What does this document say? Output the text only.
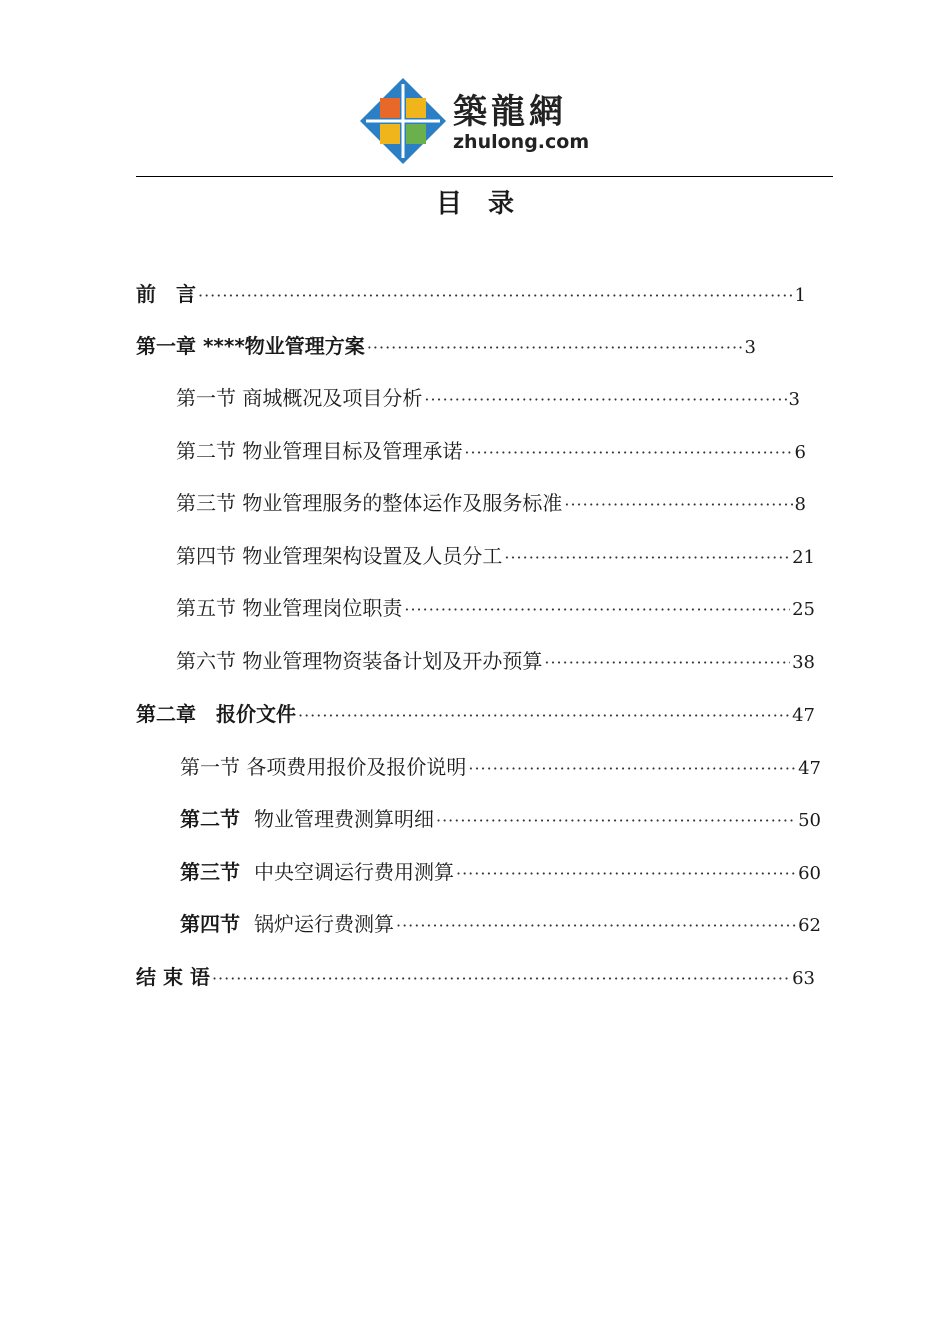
築龍網
zhulong.com
目　录
前　言 ·····	1
第一章 ****物业管理方案 ·····	3
第一节 商城概况及项目分析 ·····	3
第二节 物业管理目标及管理承诺 ·····	6
第三节 物业管理服务的整体运作及服务标准 ·····	8
第四节 物业管理架构设置及人员分工 ·····	21
第五节 物业管理岗位职责 ·····	25
第六节 物业管理物资装备计划及开办预算 ·····	38
第二章　报价文件 ·····	47
第一节 各项费用报价及报价说明 ·····	47
第二节 物业管理费测算明细 ·····	50
第三节 中央空调运行费用测算 ·····	60
第四节 锅炉运行费测算 ·····	62
结 束 语 ·····	63
